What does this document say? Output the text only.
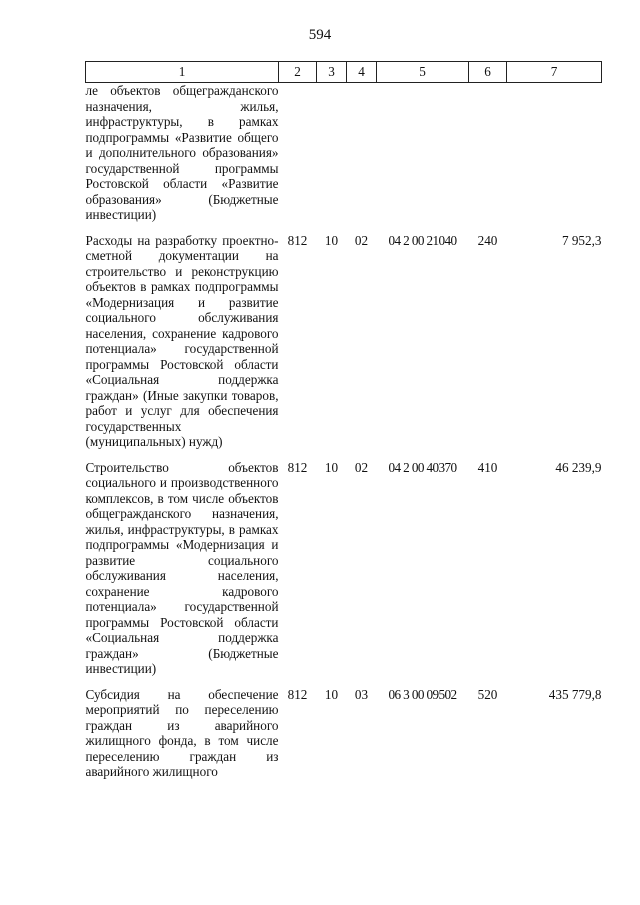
594
1	2	3	4	5	6	7
ле объектов общегражданского назначения, жилья, инфраструктуры, в рамках подпрограммы «Развитие общего и дополнительного образования» государственной программы Ростовской области «Развитие образования» (Бюджетные инвестиции)						
Расходы на разработку проектно-сметной документации на строительство и реконструкцию объектов в рамках подпрограммы «Модернизация и развитие социального обслуживания населения, сохранение кадрового потенциала» государственной программы Ростовской области «Социальная поддержка граждан» (Иные закупки товаров, работ и услуг для обеспечения государственных (муниципальных) нужд)	812	10	02	04 2 00 21040	240	7 952,3
Строительство объектов социального и производственного комплексов, в том числе объектов общегражданского назначения, жилья, инфраструктуры, в рамках подпрограммы «Модернизация и развитие социального обслуживания населения, сохранение кадрового потенциала» государственной программы Ростовской области «Социальная поддержка граждан» (Бюджетные инвестиции)	812	10	02	04 2 00 40370	410	46 239,9
Субсидия на обеспечение мероприятий по переселению граждан из аварийного жилищного фонда, в том числе переселению граждан из аварийного жилищного	812	10	03	06 3 00 09502	520	435 779,8
